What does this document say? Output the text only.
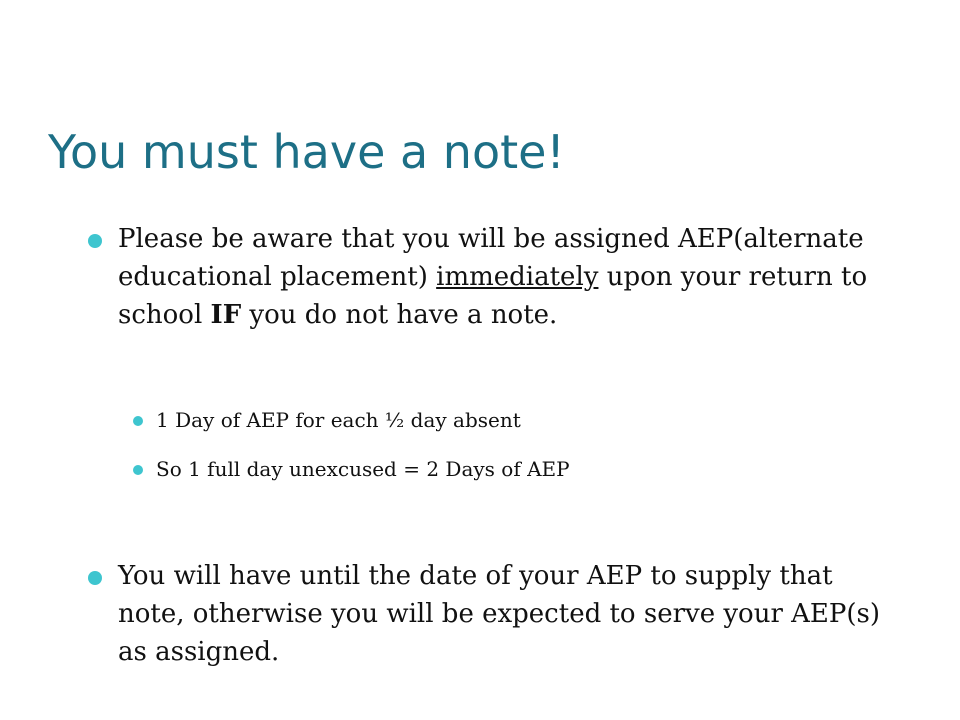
You must have a note!
Please be aware that you will be assigned AEP(alternate educational placement) immediately upon your return to school IF you do not have a note.
1 Day of AEP for each ½ day absent
So 1 full day unexcused = 2 Days of AEP
You will have until the date of your AEP to supply that note, otherwise you will be expected to serve your AEP(s) as assigned.
